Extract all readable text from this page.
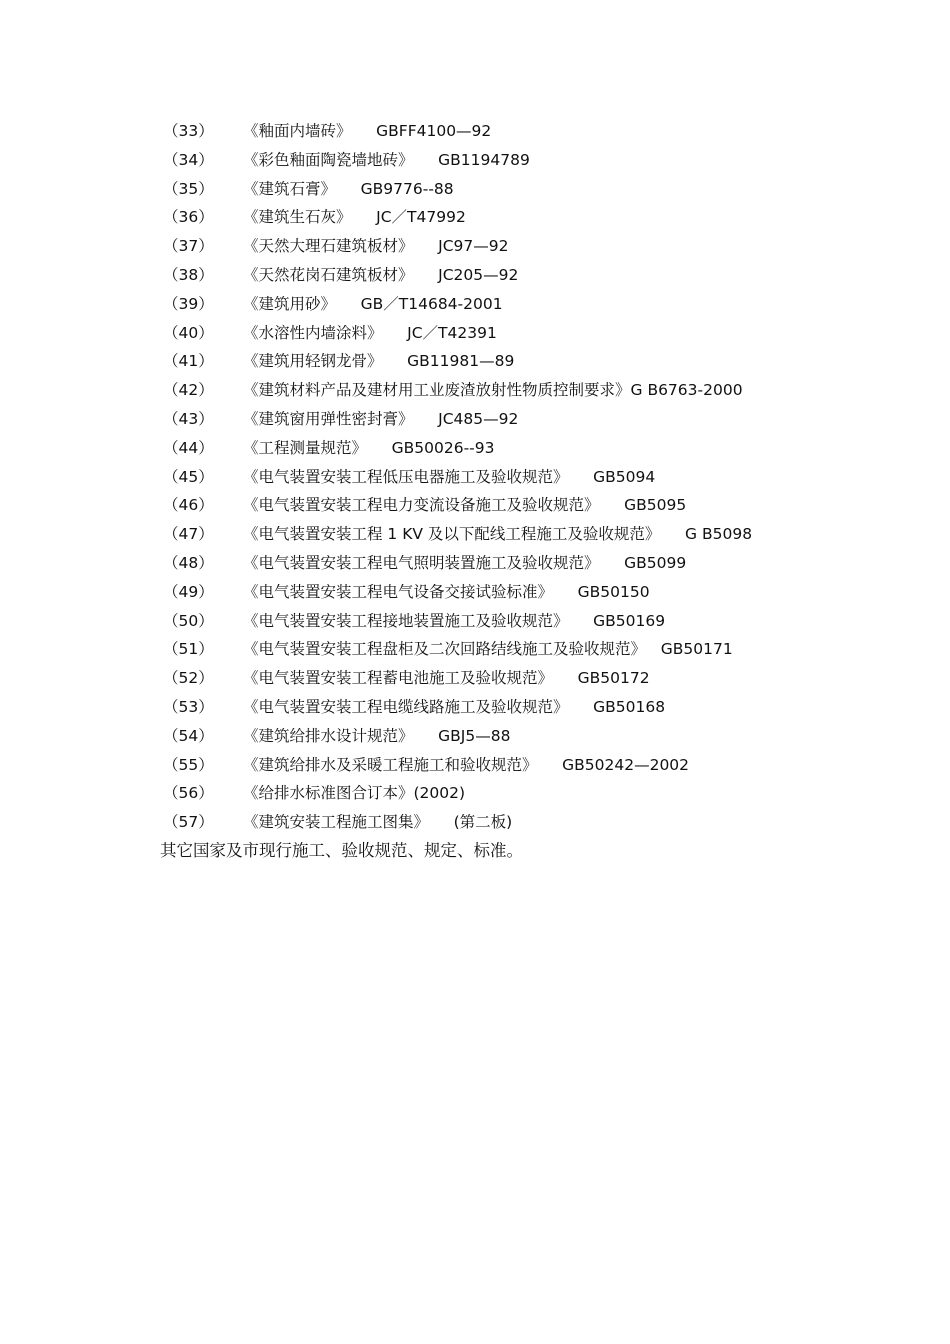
（33） 《釉面内墙砖》     GBFF4100—92
（34） 《彩色釉面陶瓷墙地砖》     GB1194789
（35） 《建筑石膏》     GB9776--88
（36） 《建筑生石灰》     JC／T47992
（37） 《天然大理石建筑板材》     JC97—92
（38） 《天然花岗石建筑板材》     JC205—92
（39） 《建筑用砂》     GB／T14684-2001
（40） 《水溶性内墙涂料》     JC／T42391
（41） 《建筑用轻钢龙骨》     GB11981—89
（42） 《建筑材料产品及建材用工业废渣放射性物质控制要求》G B6763-2000
（43） 《建筑窗用弹性密封膏》     JC485—92
（44） 《工程测量规范》     GB50026--93
（45） 《电气装置安装工程低压电器施工及验收规范》     GB5094
（46） 《电气装置安装工程电力变流设备施工及验收规范》     GB5095
（47） 《电气装置安装工程 1 KV 及以下配线工程施工及验收规范》     G B5098
（48） 《电气装置安装工程电气照明装置施工及验收规范》     GB5099
（49） 《电气装置安装工程电气设备交接试验标准》     GB50150
（50） 《电气装置安装工程接地装置施工及验收规范》     GB50169
（51） 《电气装置安装工程盘柜及二次回路结线施工及验收规范》   GB50171
（52） 《电气装置安装工程蓄电池施工及验收规范》     GB50172
（53） 《电气装置安装工程电缆线路施工及验收规范》     GB50168
（54） 《建筑给排水设计规范》     GBJ5—88
（55） 《建筑给排水及采暖工程施工和验收规范》     GB50242—2002
（56） 《给排水标准图合订本》(2002)
（57） 《建筑安装工程施工图集》     (第二板)
其它国家及市现行施工、验收规范、规定、标准。
